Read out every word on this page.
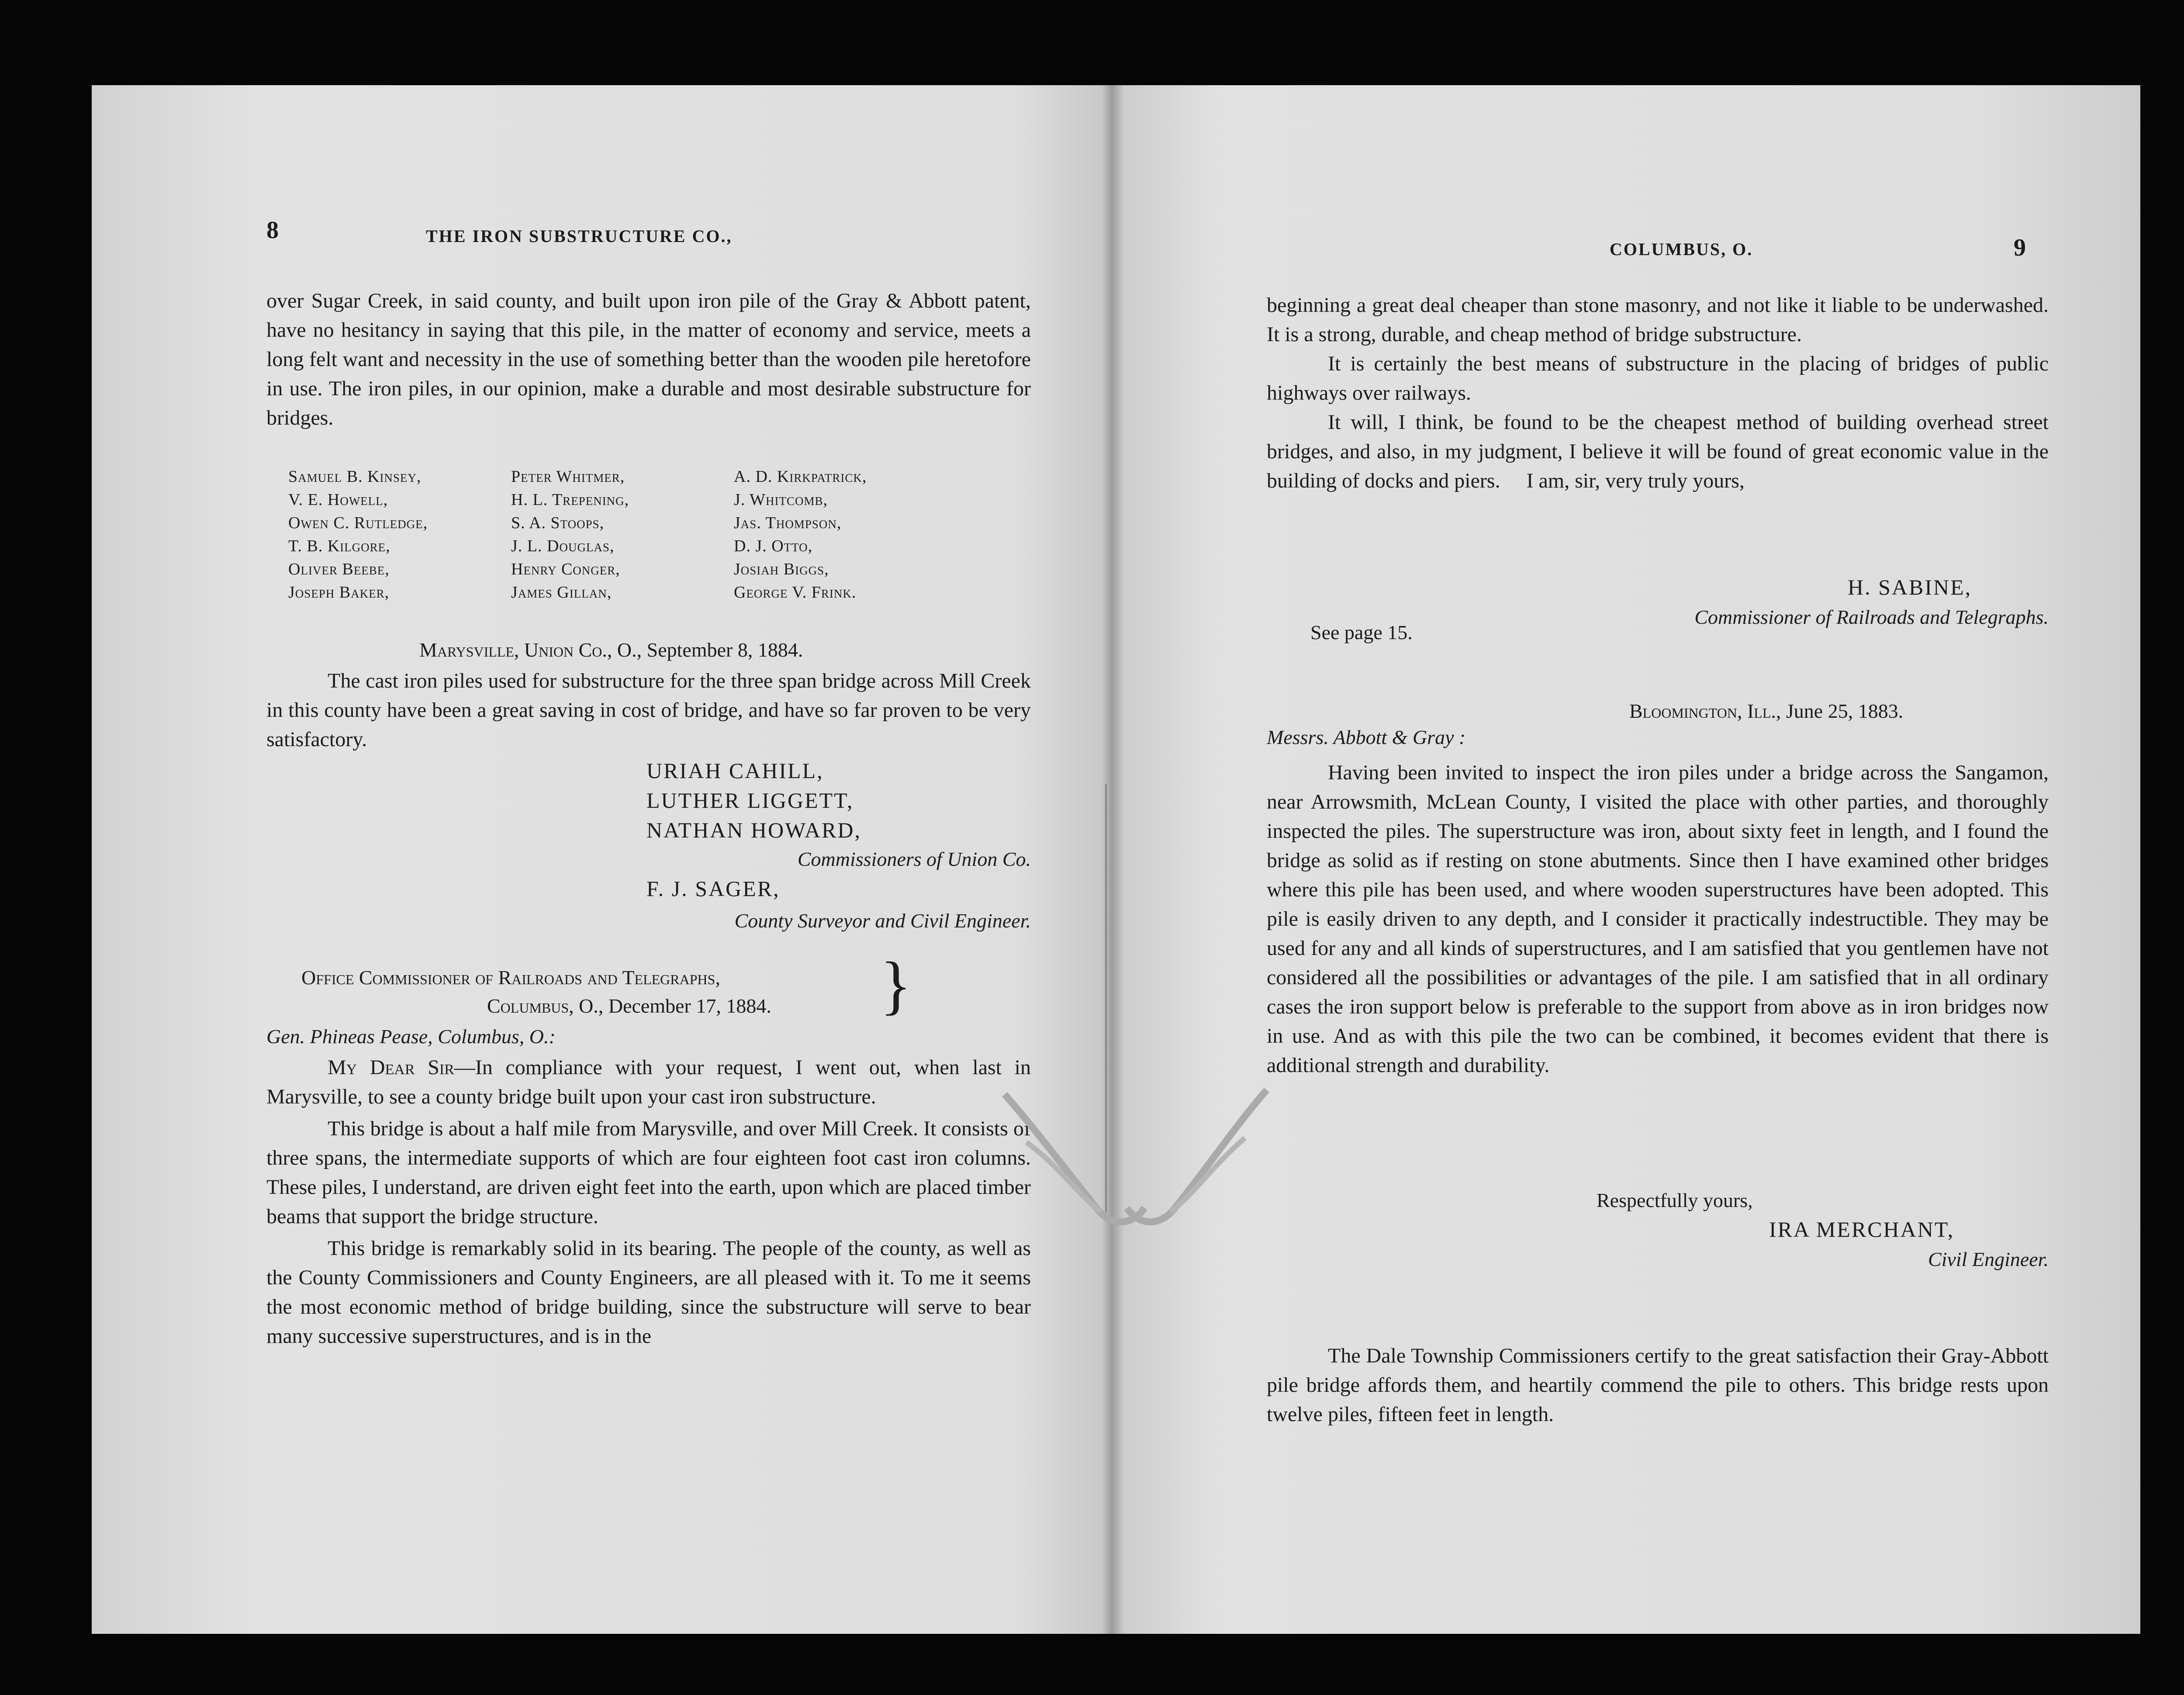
8	THE IRON SUBSTRUCTURE CO.,

over Sugar Creek, in said county, and built upon iron pile of the Gray & Abbott patent, have no hesitancy in saying that this pile, in the matter of economy and service, meets a long felt want and necessity in the use of something better than the wooden pile heretofore in use. The iron piles, in our opinion, make a durable and most desirable substructure for bridges.

Samuel B. Kinsey,	Peter Whitmer,	A. D. Kirkpatrick,
V. E. Howell,	H. L. Trepening,	J. Whitcomb,
Owen C. Rutledge,	S. A. Stoops,	Jas. Thompson,
T. B. Kilgore,	J. L. Douglas,	D. J. Otto,
Oliver Beebe,	Henry Conger,	Josiah Biggs,
Joseph Baker,	James Gillan,	George V. Frink.
Marysville, Union Co., O., September 8, 1884.

The cast iron piles used for substructure for the three span bridge across Mill Creek in this county have been a great saving in cost of bridge, and have so far proven to be very satisfactory.

URIAH CAHILL,
LUTHER LIGGETT,
NATHAN HOWARD,
Commissioners of Union Co.
F. J. SAGER,
County Surveyor and Civil Engineer.
Office Commissioner of Railroads and Telegraphs,
Columbus, O., December 17, 1884. }
Gen. Phineas Pease, Columbus, O.:

My Dear Sir—In compliance with your request, I went out, when last in Marysville, to see a county bridge built upon your cast iron substructure.

This bridge is about a half mile from Marysville, and over Mill Creek. It consists of three spans, the intermediate supports of which are four eighteen foot cast iron columns. These piles, I understand, are driven eight feet into the earth, upon which are placed timber beams that support the bridge structure.

This bridge is remarkably solid in its bearing. The people of the county, as well as the County Commissioners and County Engineers, are all pleased with it. To me it seems the most economic method of bridge building, since the substructure will serve to bear many successive superstructures, and is in the

COLUMBUS, O.	9

beginning a great deal cheaper than stone masonry, and not like it liable to be underwashed. It is a strong, durable, and cheap method of bridge substructure.

It is certainly the best means of substructure in the placing of bridges of public highways over railways.

It will, I think, be found to be the cheapest method of building overhead street bridges, and also, in my judgment, I believe it will be found of great economic value in the building of docks and piers. I am, sir, very truly yours,

H. SABINE,
Commissioner of Railroads and Telegraphs.
See page 15.
Bloomington, Ill., June 25, 1883.
Messrs. Abbott & Gray :

Having been invited to inspect the iron piles under a bridge across the Sangamon, near Arrowsmith, McLean County, I visited the place with other parties, and thoroughly inspected the piles. The superstructure was iron, about sixty feet in length, and I found the bridge as solid as if resting on stone abutments. Since then I have examined other bridges where this pile has been used, and where wooden superstructures have been adopted. This pile is easily driven to any depth, and I consider it practically indestructible. They may be used for any and all kinds of superstructures, and I am satisfied that you gentlemen have not considered all the possibilities or advantages of the pile. I am satisfied that in all ordinary cases the iron support below is preferable to the support from above as in iron bridges now in use. And as with this pile the two can be combined, it becomes evident that there is additional strength and durability.

Respectfully yours,
IRA MERCHANT,
Civil Engineer.

The Dale Township Commissioners certify to the great satisfaction their Gray-Abbott pile bridge affords them, and heartily commend the pile to others. This bridge rests upon twelve piles, fifteen feet in length.
